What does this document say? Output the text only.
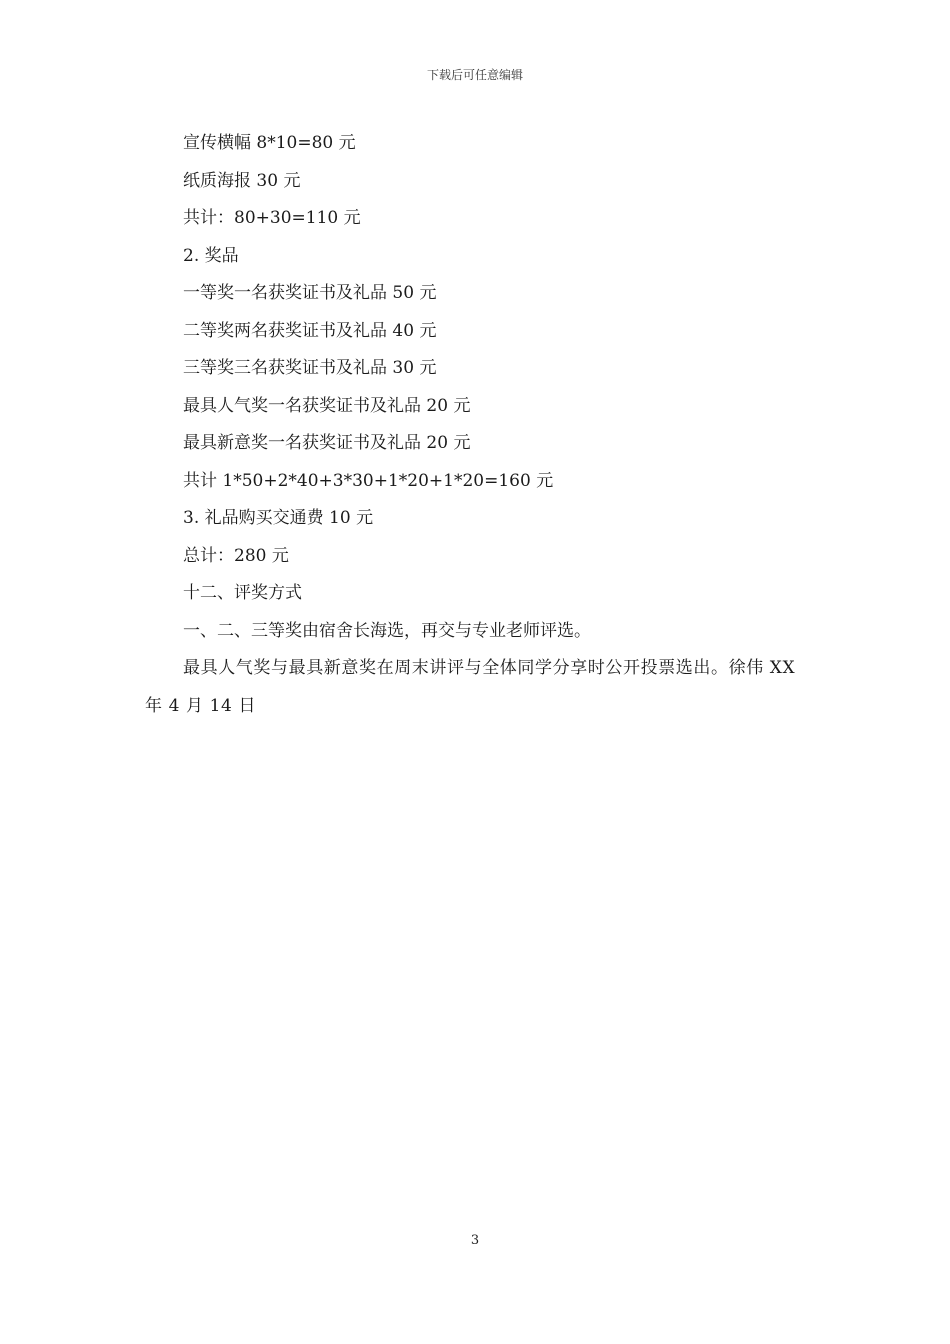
下载后可任意编辑
宣传横幅 8*10=80 元
纸质海报 30 元
共计：80+30=110 元
2. 奖品
一等奖一名获奖证书及礼品 50 元
二等奖两名获奖证书及礼品 40 元
三等奖三名获奖证书及礼品 30 元
最具人气奖一名获奖证书及礼品 20 元
最具新意奖一名获奖证书及礼品 20 元
共计 1*50+2*40+3*30+1*20+1*20=160 元
3. 礼品购买交通费 10 元
总计：280 元
十二、评奖方式
一、二、三等奖由宿舍长海选，再交与专业老师评选。
最具人气奖与最具新意奖在周末讲评与全体同学分享时公开投票选出。徐伟 XX 年 4 月 14 日
3
